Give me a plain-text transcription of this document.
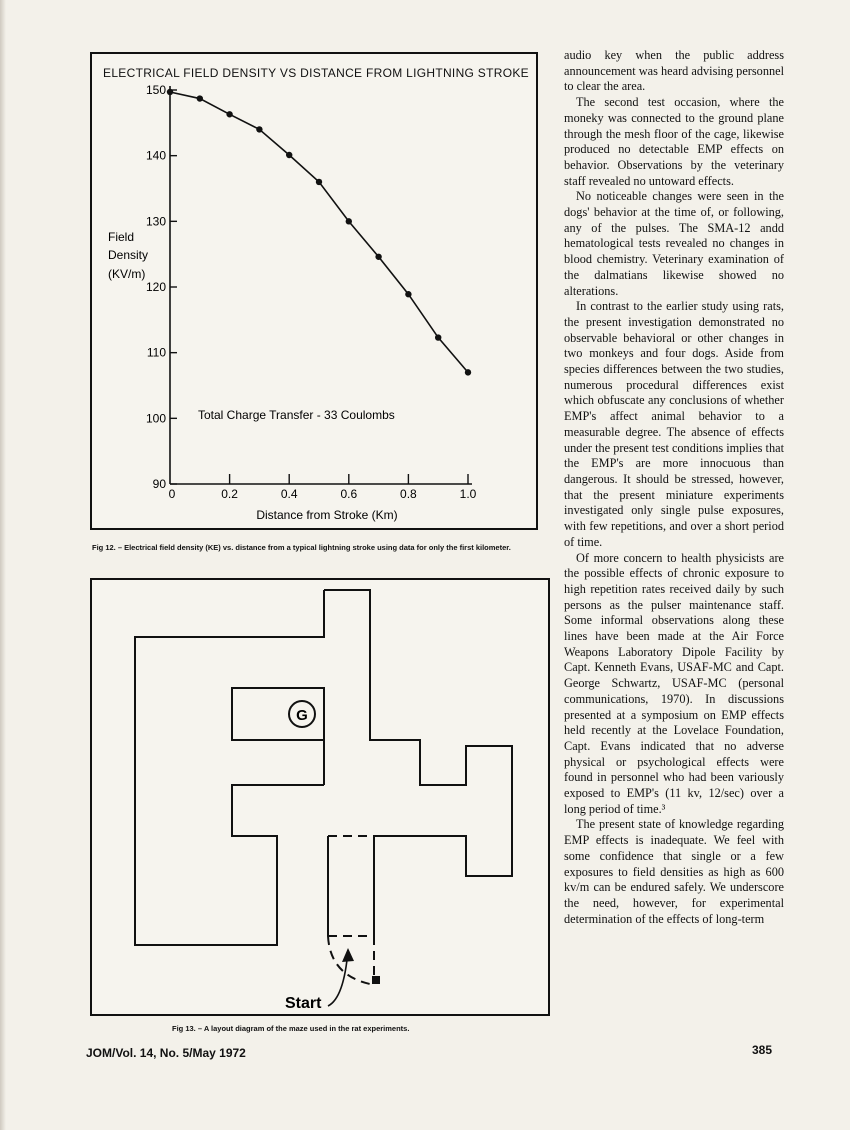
ELECTRICAL FIELD DENSITY VS DISTANCE FROM LIGHTNING STROKE
90
100
110
120
130
140
150
0	0.2	0.4	0.6	0.8	1.0
Field
Density
(KV/m)
Total Charge Transfer - 33 Coulombs
Distance from Stroke (Km)
Fig 12. – Electrical field density (KE) vs. distance from a typical lightning stroke using data for only the first kilometer.
G
Start
Fig 13. – A layout diagram of the maze used in the rat experiments.

audio key when the public address announcement was heard advising personnel to clear the area.

The second test occasion, where the moneky was connected to the ground plane through the mesh floor of the cage, likewise produced no detectable EMP effects on behavior. Observations by the veterinary staff revealed no untoward effects.

No noticeable changes were seen in the dogs' behavior at the time of, or following, any of the pulses. The SMA-12 andd hematological tests revealed no changes in blood chemistry. Veterinary examination of the dalmatians likewise showed no alterations.

In contrast to the earlier study using rats, the present investigation demonstrated no observable behavioral or other changes in two monkeys and four dogs. Aside from species differences between the two studies, numerous procedural differences exist which obfuscate any conclusions of whether EMP's affect animal behavior to a measurable degree. The absence of effects under the present test conditions implies that the EMP's are more innocuous than dangerous. It should be stressed, however, that the present miniature experiments investigated only single pulse exposures, with few repetitions, and over a short period of time.

Of more concern to health physicists are the possible effects of chronic exposure to high repetition rates received daily by such persons as the pulser maintenance staff. Some informal observations along these lines have been made at the Air Force Weapons Laboratory Dipole Facility by Capt. Kenneth Evans, USAF-MC and Capt. George Schwartz, USAF-MC (personal communications, 1970). In discussions presented at a symposium on EMP effects held recently at the Lovelace Foundation, Capt. Evans indicated that no adverse physical or psychological effects were found in personnel who had been variously exposed to EMP's (11 kv, 12/sec) over a long period of time.³

The present state of knowledge regarding EMP effects is inadequate. We feel with some confidence that single or a few exposures to field densities as high as 600 kv/m can be endured safely. We underscore the need, however, for experimental determination of the effects of long-term

JOM/Vol. 14, No. 5/May 1972	385
